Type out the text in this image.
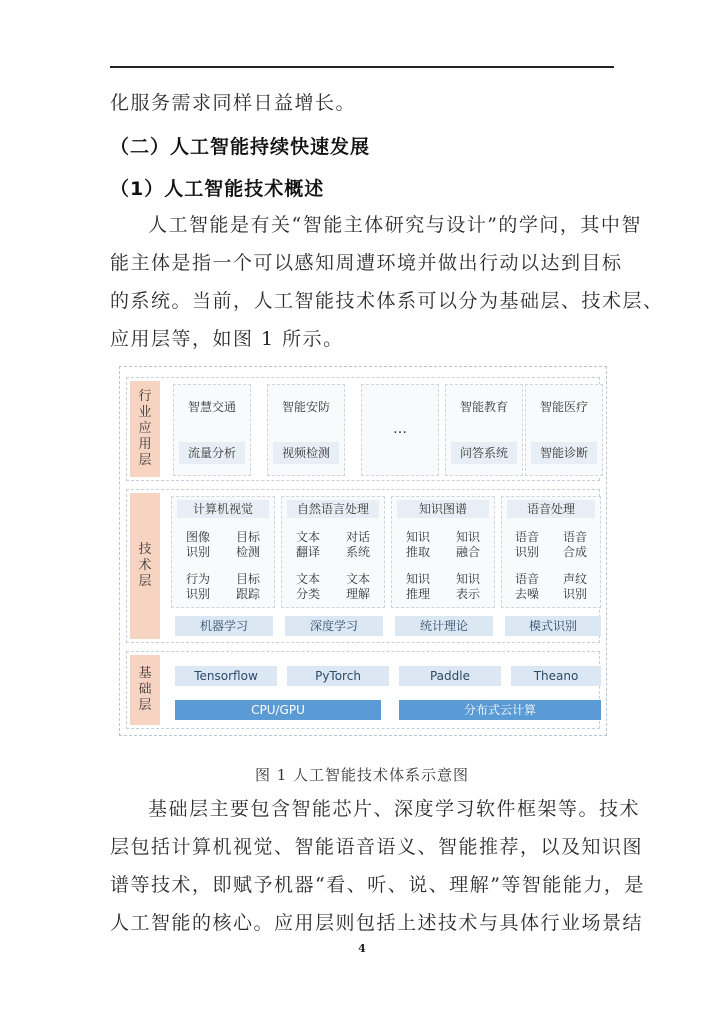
化服务需求同样日益增长。

（二）人工智能持续快速发展
（1）人工智能技术概述

人工智能是有关“智能主体研究与设计”的学问，其中智

能主体是指一个可以感知周遭环境并做出行动以达到目标

的系统。当前，人工智能技术体系可以分为基础层、技术层、

应用层等，如图 1 所示。

行业应用层
智慧交通
流量分析
智能安防
视频检测
…
智能教育
问答系统
智能医疗
智能诊断
技术层
计算机视觉
图像识别
目标检测
行为识别
目标跟踪
自然语言处理
文本翻译
对话系统
文本分类
文本理解
知识图谱
知识推取
知识融合
知识推理
知识表示
语音处理
语音识别
语音合成
语音去噪
声纹识别
机器学习	深度学习	统计理论	模式识别
基础层
Tensorflow	PyTorch	Paddle	Theano
CPU/GPU	分布式云计算
图 1 人工智能技术体系示意图

基础层主要包含智能芯片、深度学习软件框架等。技术

层包括计算机视觉、智能语音语义、智能推荐，以及知识图

谱等技术，即赋予机器“看、听、说、理解”等智能能力，是

人工智能的核心。应用层则包括上述技术与具体行业场景结

4
